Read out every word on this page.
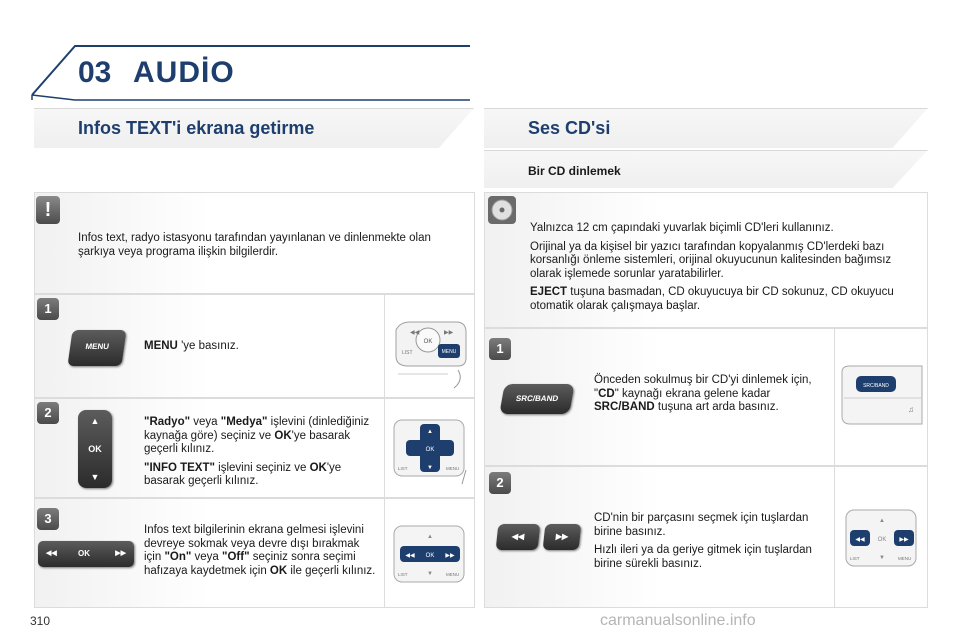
03 AUDİO
Infos TEXT'i ekrana getirme
!
Infos text, radyo istasyonu tarafından yayınlanan ve dinlenmekte olan şarkıya veya programa ilişkin bilgilerdir.
1
MENU	MENU 'ye basınız.	OK
◀◀	▶▶
LIST	MENU
2
▲
OK
▼

"Radyo" veya "Medya" işlevini (dinlediğiniz kaynağa göre) seçiniz ve OK'ye basarak geçerli kılınız.

"INFO TEXT" işlevini seçiniz ve OK'ye basarak geçerli kılınız.

OK
▲
▼
LIST	MENU
3
◀◀	OK	▶▶
Infos text bilgilerinin ekrana gelmesi işlevini devreye sokmak veya devre dışı bırakmak için "On" veya "Off" seçiniz sonra seçimi hafızaya kaydetmek için OK ile geçerli kılınız.
◀◀ OK ▶▶
▲
▼
LIST	MENU
Ses CD'si
Bir CD dinlemek

Yalnızca 12 cm çapındaki yuvarlak biçimli CD'leri kullanınız.

Orijinal ya da kişisel bir yazıcı tarafından kopyalanmış CD'lerdeki bazı korsanlığı önleme sistemleri, orijinal okuyucunun kalitesinden bağımsız olarak işlemede sorunlar yaratabilirler.

EJECT tuşuna basmadan, CD okuyucuya bir CD sokunuz, CD okuyucu otomatik olarak çalışmaya başlar.

1
SRC/BAND
Önceden sokulmuş bir CD'yi dinlemek için, "CD" kaynağı ekrana gelene kadar SRC/BAND tuşuna art arda basınız.
SRC/BAND
♫
2
◀◀	▶▶

CD'nin bir parçasını seçmek için tuşlardan birine basınız.

Hızlı ileri ya da geriye gitmek için tuşlardan birine sürekli basınız.

◀◀ OK ▶▶
▲
▼
LIST	MENU
310	carmanualsonline.info
